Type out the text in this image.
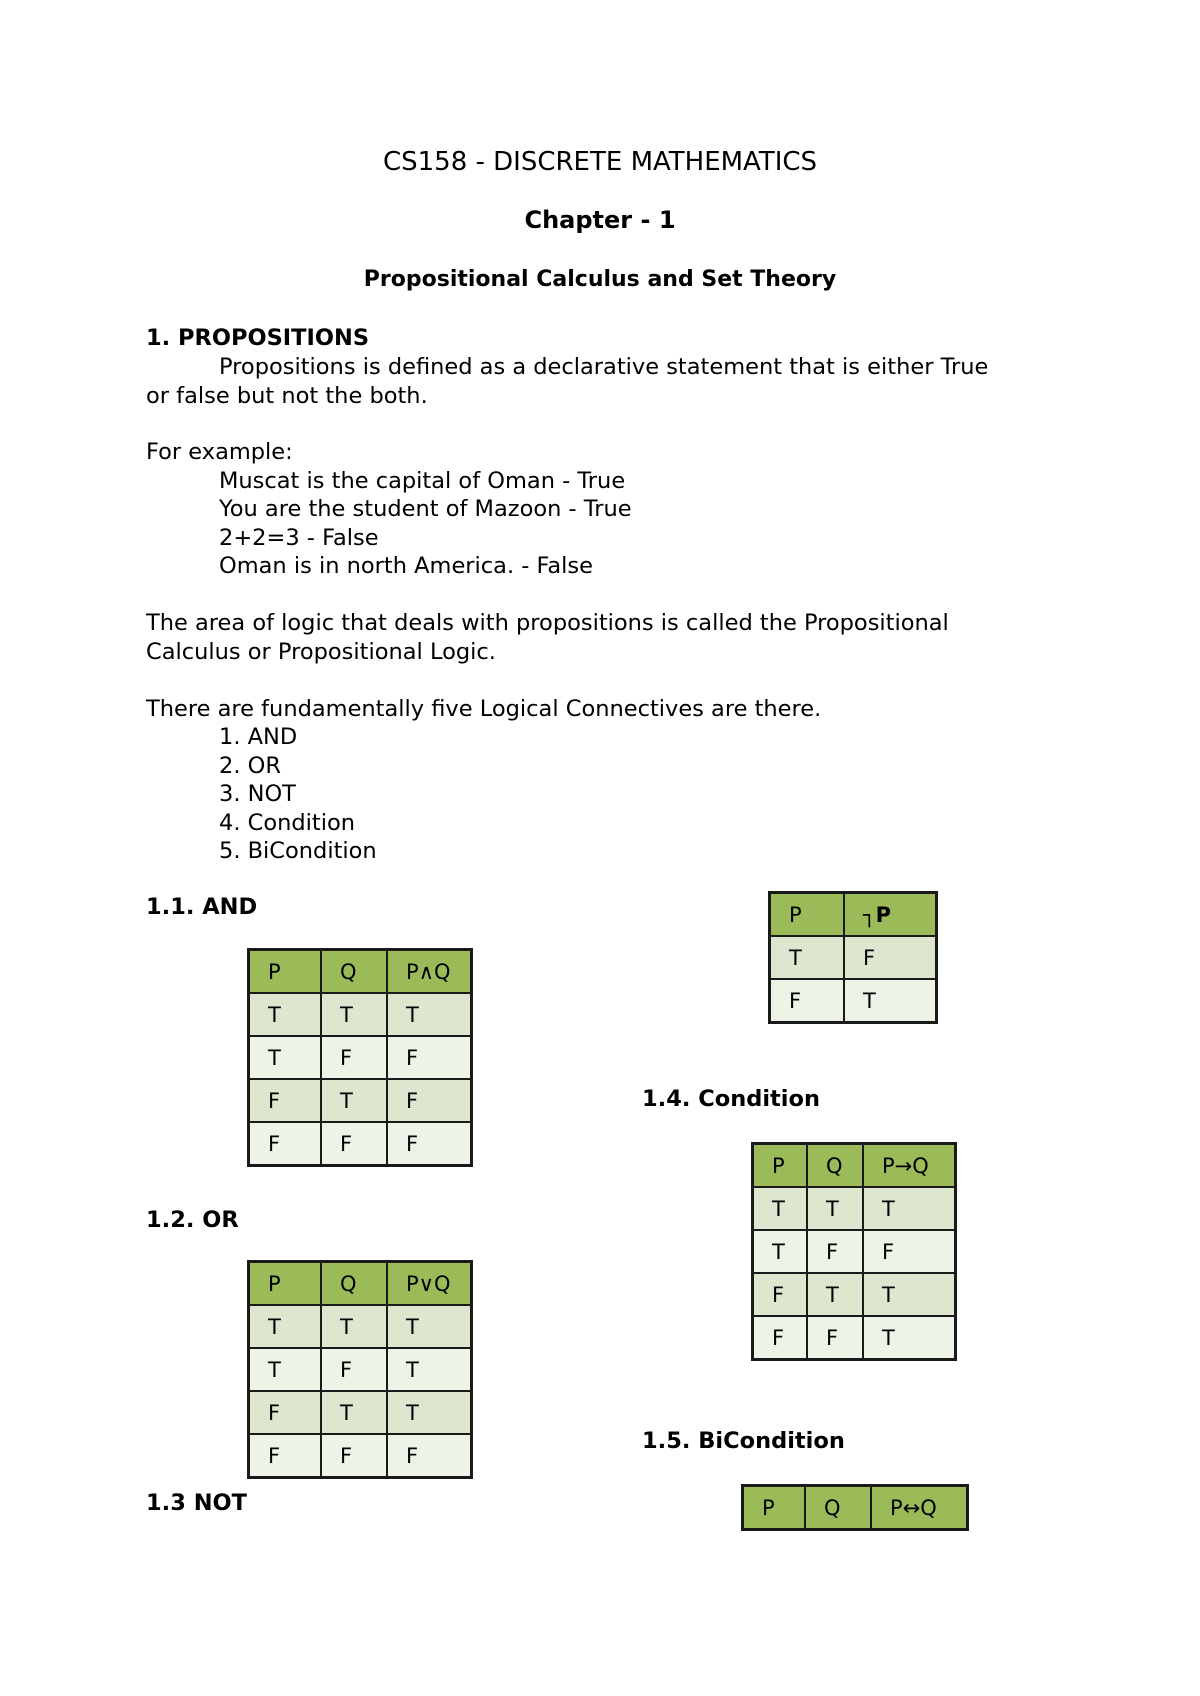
CS158 - DISCRETE MATHEMATICS
Chapter - 1
Propositional Calculus and Set Theory
1. PROPOSITIONS
Propositions is defined as a declarative statement that is either True
or false but not the both.
For example:
Muscat is the capital of Oman - True
You are the student of Mazoon - True
2+2=3 - False
Oman is in north America. - False
The area of logic that deals with propositions is called the Propositional
Calculus or Propositional Logic.
There are fundamentally five Logical Connectives are there.
1. AND
2. OR
3. NOT
4. Condition
5. BiCondition
1.1. AND
1.2. OR
1.3 NOT
1.4. Condition
1.5. BiCondition
P	Q	P∧Q
T	T	T
T	F	F
F	T	F
F	F	F
P	Q	P∨Q
T	T	T
T	F	T
F	T	T
F	F	F
P	┐P
T	F
F	T
P	Q	P→Q
T	T	T
T	F	F
F	T	T
F	F	T
P	Q	P↔Q
